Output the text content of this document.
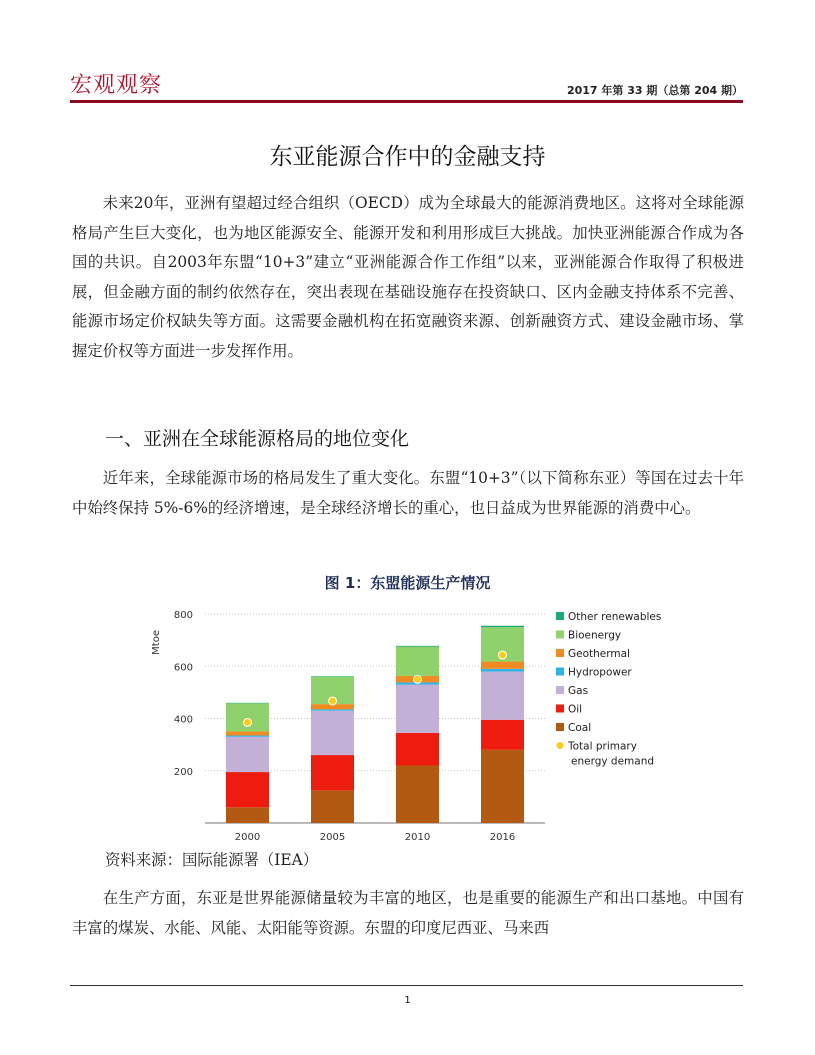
宏观观察	2017 年第 33 期（总第 204 期）
东亚能源合作中的金融支持

未来20年，亚洲有望超过经合组织（OECD）成为全球最大的能源消费地区。这将对全球能源格局产生巨大变化，也为地区能源安全、能源开发和利用形成巨大挑战。加快亚洲能源合作成为各国的共识。自2003年东盟“10+3”建立“亚洲能源合作工作组”以来，亚洲能源合作取得了积极进展，但金融方面的制约依然存在，突出表现在基础设施存在投资缺口、区内金融支持体系不完善、能源市场定价权缺失等方面。这需要金融机构在拓宽融资来源、创新融资方式、建设金融市场、掌握定价权等方面进一步发挥作用。

一、亚洲在全球能源格局的地位变化

近年来，全球能源市场的格局发生了重大变化。东盟“10+3”（以下简称东亚）等国在过去十年中始终保持 5%-6%的经济增速，是全球经济增长的重心，也日益成为世界能源的消费中心。

图 1：东盟能源生产情况
Mtoe
200
400
600
800
2000	2005	2010	2016
Other renewables
Bioenergy
Geothermal
Hydropower
Gas
Oil
Coal
Total primary
energy demand
资料来源：国际能源署（IEA）

在生产方面，东亚是世界能源储量较为丰富的地区，也是重要的能源生产和出口基地。中国有丰富的煤炭、水能、风能、太阳能等资源。东盟的印度尼西亚、马来西

1
